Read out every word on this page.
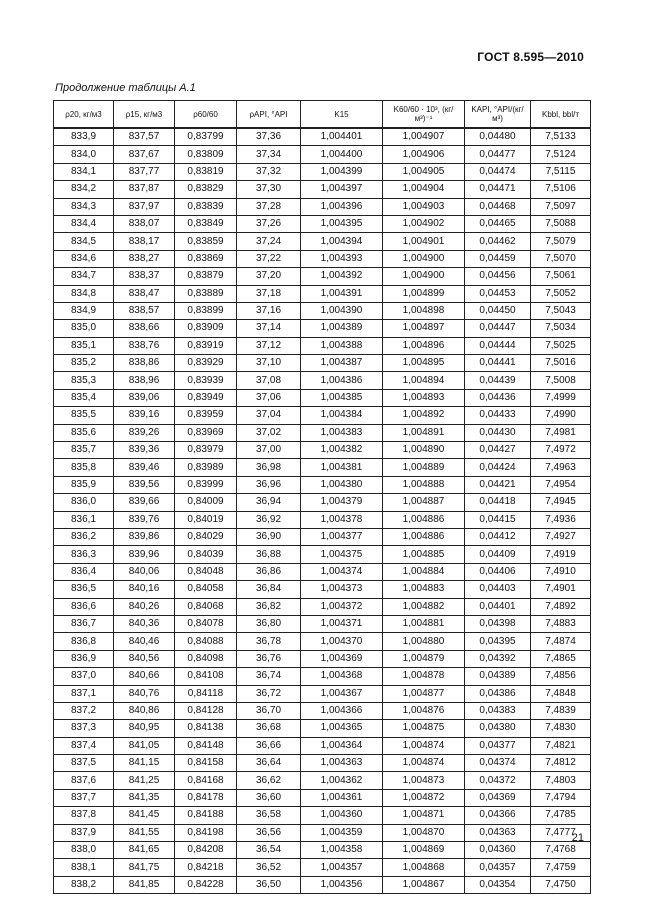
ГОСТ 8.595—2010
Продолжение таблицы А.1
ρ20, кг/м3	ρ15, кг/м3	ρ60/60	ρAPI, °API	K15	K60/60 · 10³, (кг/м³)⁻¹	KAPI, °API/(кг/м³)	Kbbl, bbl/т
833,9	837,57	0,83799	37,36	1,004401	1,004907	0,04480	7,5133
834,0	837,67	0,83809	37,34	1,004400	1,004906	0,04477	7,5124
834,1	837,77	0,83819	37,32	1,004399	1,004905	0,04474	7,5115
834,2	837,87	0,83829	37,30	1,004397	1,004904	0,04471	7,5106
834,3	837,97	0,83839	37,28	1,004396	1,004903	0,04468	7,5097
834,4	838,07	0,83849	37,26	1,004395	1,004902	0,04465	7,5088
834,5	838,17	0,83859	37,24	1,004394	1,004901	0,04462	7,5079
834,6	838,27	0,83869	37,22	1,004393	1,004900	0,04459	7,5070
834,7	838,37	0,83879	37,20	1,004392	1,004900	0,04456	7,5061
834,8	838,47	0,83889	37,18	1,004391	1,004899	0,04453	7,5052
834,9	838,57	0,83899	37,16	1,004390	1,004898	0,04450	7,5043
835,0	838,66	0,83909	37,14	1,004389	1,004897	0,04447	7,5034
835,1	838,76	0,83919	37,12	1,004388	1,004896	0,04444	7,5025
835,2	838,86	0,83929	37,10	1,004387	1,004895	0,04441	7,5016
835,3	838,96	0,83939	37,08	1,004386	1,004894	0,04439	7,5008
835,4	839,06	0,83949	37,06	1,004385	1,004893	0,04436	7,4999
835,5	839,16	0,83959	37,04	1,004384	1,004892	0,04433	7,4990
835,6	839,26	0,83969	37,02	1,004383	1,004891	0,04430	7,4981
835,7	839,36	0,83979	37,00	1,004382	1,004890	0,04427	7,4972
835,8	839,46	0,83989	36,98	1,004381	1,004889	0,04424	7,4963
835,9	839,56	0,83999	36,96	1,004380	1,004888	0,04421	7,4954
836,0	839,66	0,84009	36,94	1,004379	1,004887	0,04418	7,4945
836,1	839,76	0,84019	36,92	1,004378	1,004886	0,04415	7,4936
836,2	839,86	0,84029	36,90	1,004377	1,004886	0,04412	7,4927
836,3	839,96	0,84039	36,88	1,004375	1,004885	0,04409	7,4919
836,4	840,06	0,84048	36,86	1,004374	1,004884	0,04406	7,4910
836,5	840,16	0,84058	36,84	1,004373	1,004883	0,04403	7,4901
836,6	840,26	0,84068	36,82	1,004372	1,004882	0,04401	7,4892
836,7	840,36	0,84078	36,80	1,004371	1,004881	0,04398	7,4883
836,8	840,46	0,84088	36,78	1,004370	1,004880	0,04395	7,4874
836,9	840,56	0,84098	36,76	1,004369	1,004879	0,04392	7,4865
837,0	840,66	0,84108	36,74	1,004368	1,004878	0,04389	7,4856
837,1	840,76	0,84118	36,72	1,004367	1,004877	0,04386	7,4848
837,2	840,86	0,84128	36,70	1,004366	1,004876	0,04383	7,4839
837,3	840,95	0,84138	36,68	1,004365	1,004875	0,04380	7,4830
837,4	841,05	0,84148	36,66	1,004364	1,004874	0,04377	7,4821
837,5	841,15	0,84158	36,64	1,004363	1,004874	0,04374	7,4812
837,6	841,25	0,84168	36,62	1,004362	1,004873	0,04372	7,4803
837,7	841,35	0,84178	36,60	1,004361	1,004872	0,04369	7,4794
837,8	841,45	0,84188	36,58	1,004360	1,004871	0,04366	7,4785
837,9	841,55	0,84198	36,56	1,004359	1,004870	0,04363	7,4777
838,0	841,65	0,84208	36,54	1,004358	1,004869	0,04360	7,4768
838,1	841,75	0,84218	36,52	1,004357	1,004868	0,04357	7,4759
838,2	841,85	0,84228	36,50	1,004356	1,004867	0,04354	7,4750
21
